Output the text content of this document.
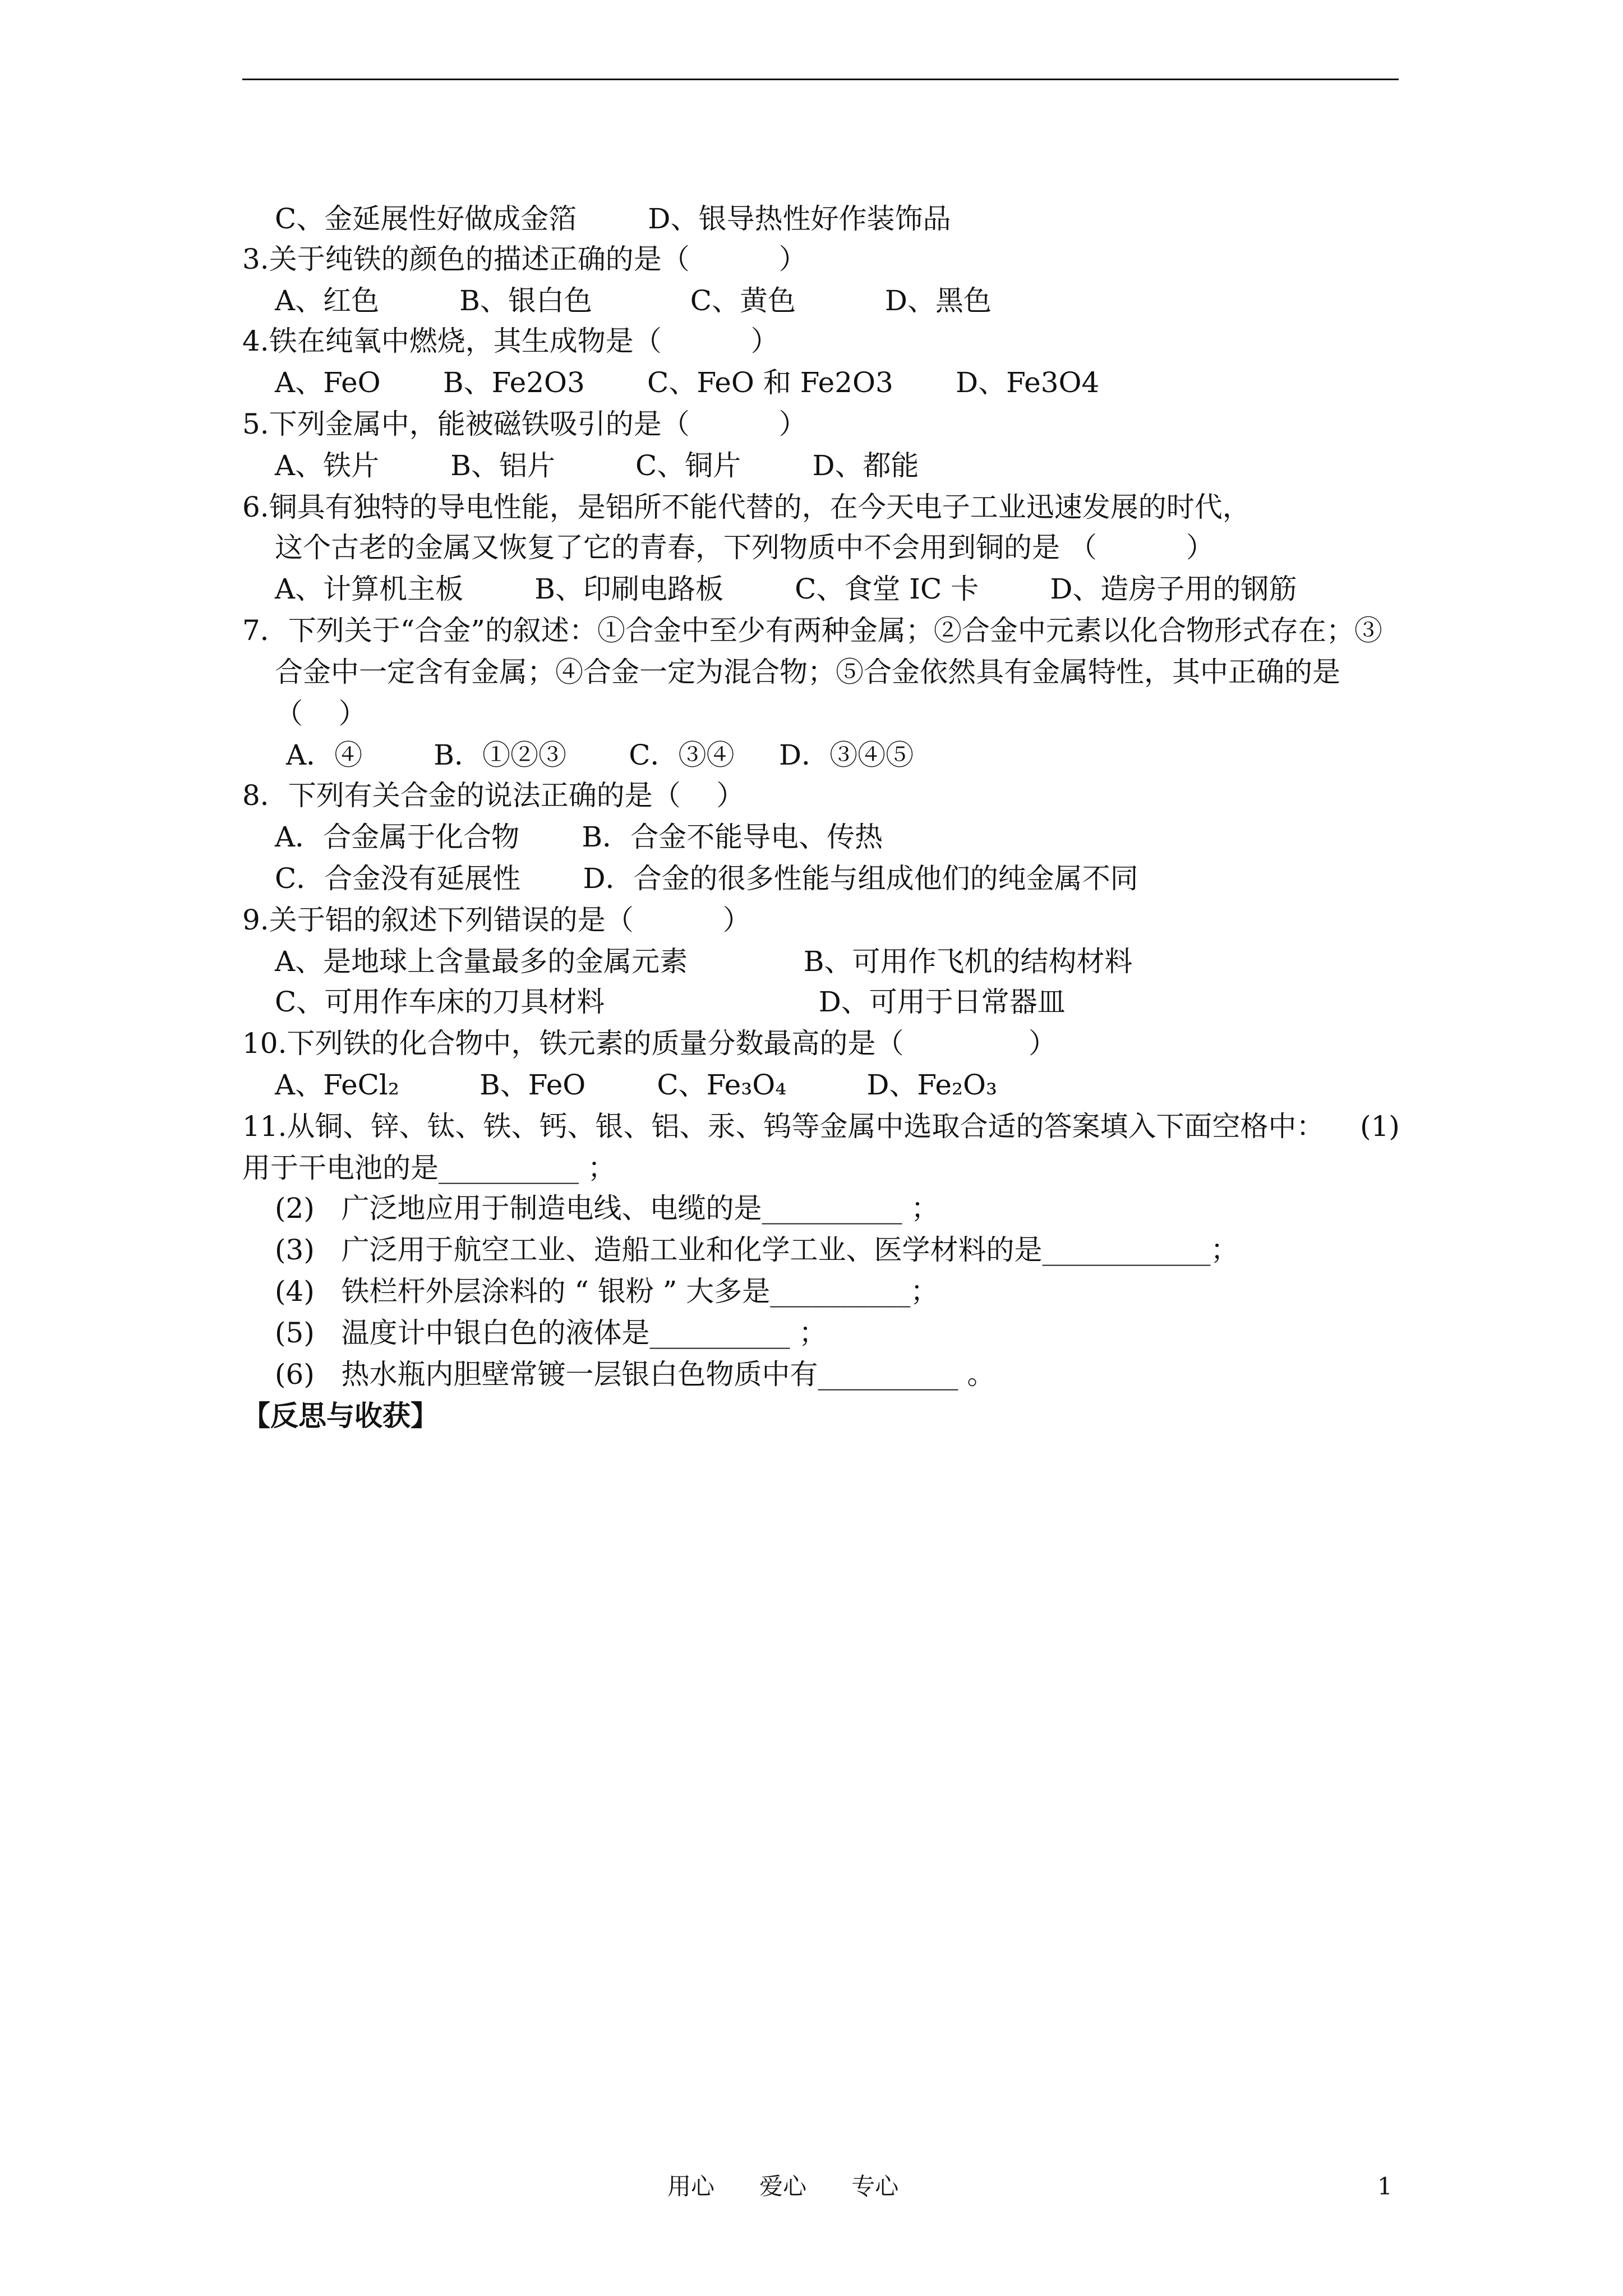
C、金延展性好做成金箔        D、银导热性好作装饰品
3.关于纯铁的颜色的描述正确的是（          ）
A、红色         B、银白色           C、黄色          D、黑色
4.铁在纯氧中燃烧，其生成物是（          ）
A、FeO       B、Fe2O3       C、FeO 和 Fe2O3       D、Fe3O4
5.下列金属中，能被磁铁吸引的是（          ）
A、铁片        B、铝片         C、铜片        D、都能
6.铜具有独特的导电性能，是铝所不能代替的，在今天电子工业迅速发展的时代，
这个古老的金属又恢复了它的青春，下列物质中不会用到铜的是 （          ）
A、计算机主板        B、印刷电路板        C、食堂 IC 卡        D、造房子用的钢筋
7．下列关于“合金”的叙述：①合金中至少有两种金属；②合金中元素以化合物形式存在；③
合金中一定含有金属；④合金一定为混合物；⑤合金依然具有金属特性，其中正确的是
（    ）
A．④        B．①②③       C．③④     D．③④⑤
8．下列有关合金的说法正确的是（    ）
A．合金属于化合物       B．合金不能导电、传热
C．合金没有延展性       D．合金的很多性能与组成他们的纯金属不同
9.关于铝的叙述下列错误的是（          ）
A、是地球上含量最多的金属元素             B、可用作飞机的结构材料
C、可用作车床的刀具材料                        D、可用于日常器皿
10.下列铁的化合物中，铁元素的质量分数最高的是（              ）
A、FeCl₂         B、FeO        C、Fe₃O₄         D、Fe₂O₃
11.从铜、锌、钛、铁、钙、银、铝、汞、钨等金属中选取合适的答案填入下面空格中：    (1)
用于干电池的是__________ ；
(2)   广泛地应用于制造电线、电缆的是__________ ；
(3)   广泛用于航空工业、造船工业和化学工业、医学材料的是____________；
(4)   铁栏杆外层涂料的 “ 银粉 ” 大多是__________；
(5)   温度计中银白色的液体是__________ ；
(6)   热水瓶内胆壁常镀一层银白色物质中有__________ 。
【反思与收获】
用心      爱心      专心	1
